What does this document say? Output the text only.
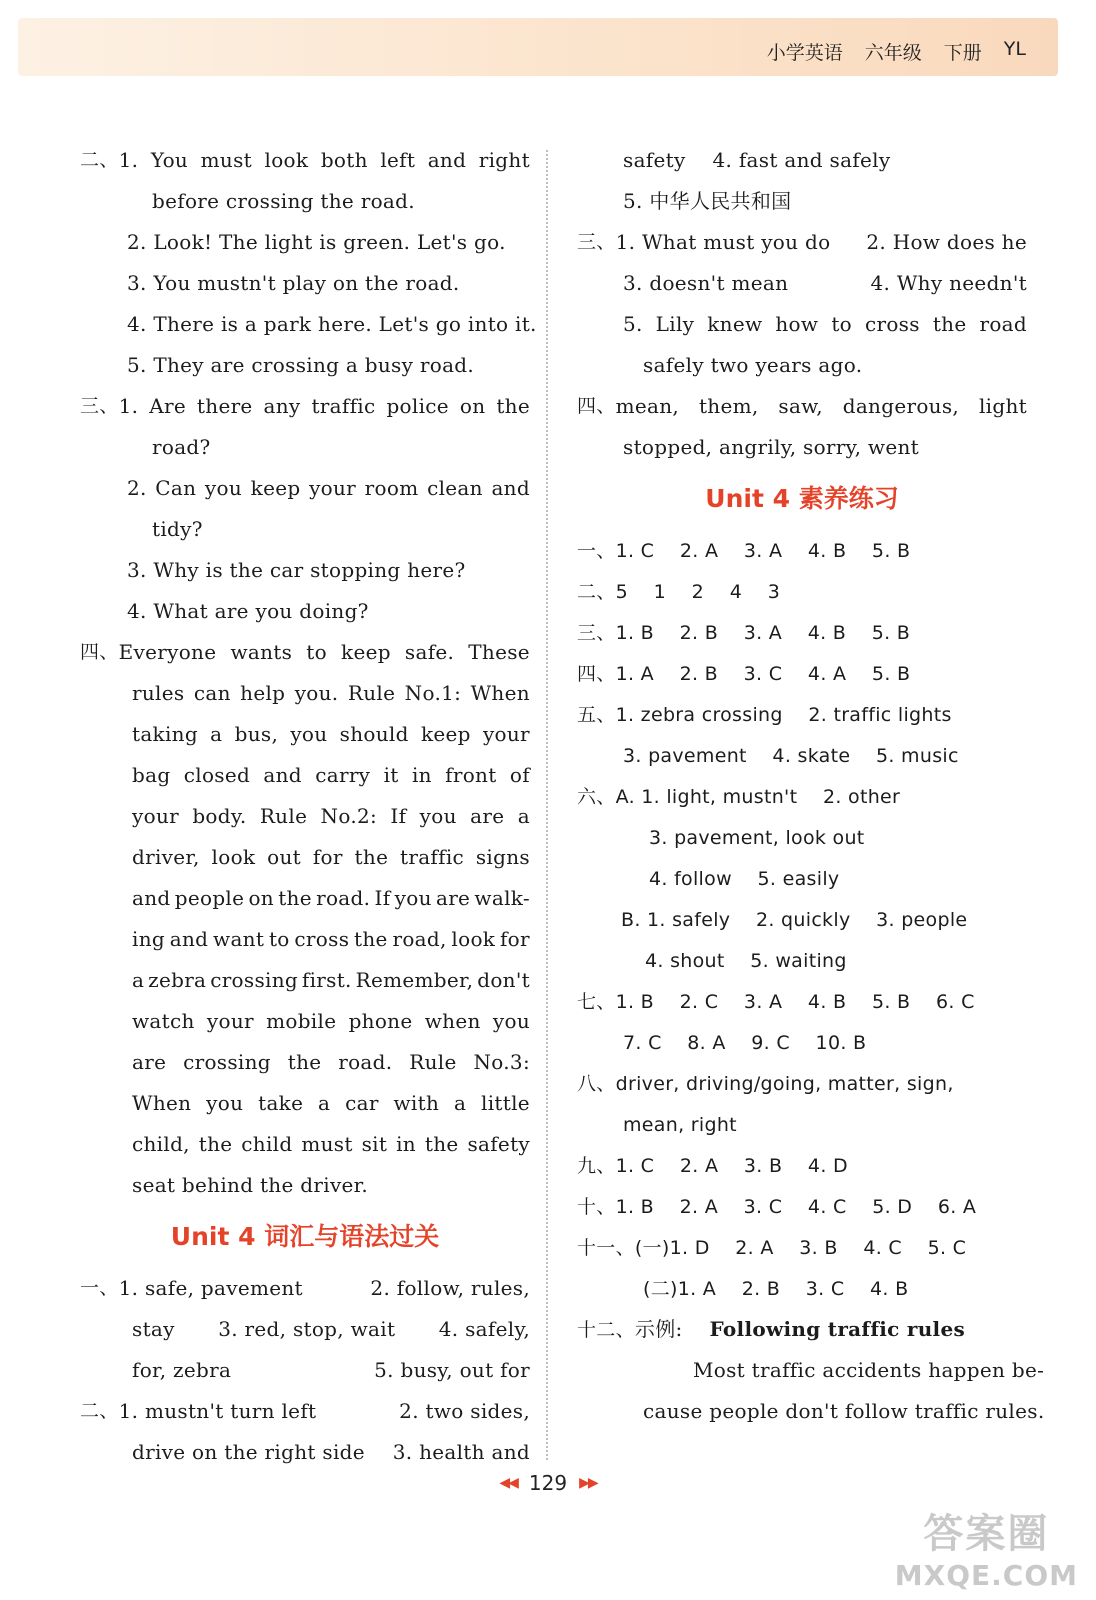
小学英语 六年级 下册 YL
二、 1. You must look both left and right
before crossing the road.
2. Look! The light is green. Let's go.
3. You mustn't play on the road.
4. There is a park here. Let's go into it.
5. They are crossing a busy road.
三、 1. Are there any traffic police on the
road?
2. Can you keep your room clean and
tidy?
3. Why is the car stopping here?
4. What are you doing?
四、 Everyone wants to keep safe. These
rules can help you. Rule No.1: When
taking a bus, you should keep your
bag closed and carry it in front of
your body. Rule No.2: If you are a
driver, look out for the traffic signs
and people on the road. If you are walk-
ing and want to cross the road, look for
a zebra crossing first. Remember, don't
watch your mobile phone when you
are crossing the road. Rule No.3:
When you take a car with a little
child, the child must sit in the safety
seat behind the driver.
Unit 4 词汇与语法过关
一、 1. safe, pavement	2. follow, rules,
stay 3. red, stop, wait 4. safely,
for, zebra	5. busy, out for
二、 1. mustn't turn left	2. two sides,
drive on the right side 3. health and
safety　 4. fast and safely
5. 中华人民共和国
三、 1. What must you do 2. How does he
3. doesn't mean	4. Why needn't
5. Lily knew how to cross the road
safely two years ago.
四、 mean, them, saw, dangerous, light
stopped, angrily, sorry, went
Unit 4 素养练习
一、1. C　 2. A　 3. A　 4. B　 5. B
二、5　 1　 2　 4　 3
三、1. B　 2. B　 3. A　 4. B　 5. B
四、1. A　 2. B　 3. C　 4. A　 5. B
五、1. zebra crossing　 2. traffic lights
3. pavement　 4. skate　 5. music
六、A. 1. light, mustn't　 2. other
3. pavement, look out
4. follow　 5. easily
B. 1. safely　 2. quickly　 3. people
4. shout　 5. waiting
七、1. B　 2. C　 3. A　 4. B　 5. B　 6. C
7. C　 8. A　 9. C　 10. B
八、driver, driving/going, matter, sign,
mean, right
九、1. C　 2. A　 3. B　 4. D
十、1. B　 2. A　 3. C　 4. C　 5. D　 6. A
十一、(一)1. D　 2. A　 3. B　 4. C　 5. C
(二)1. A　 2. B　 3. C　 4. B
十二、示例:　 Following traffic rules
Most traffic accidents happen be-
cause people don't follow traffic rules.
◀◀ 129 ▶▶
答案圈
MXQE.COM
